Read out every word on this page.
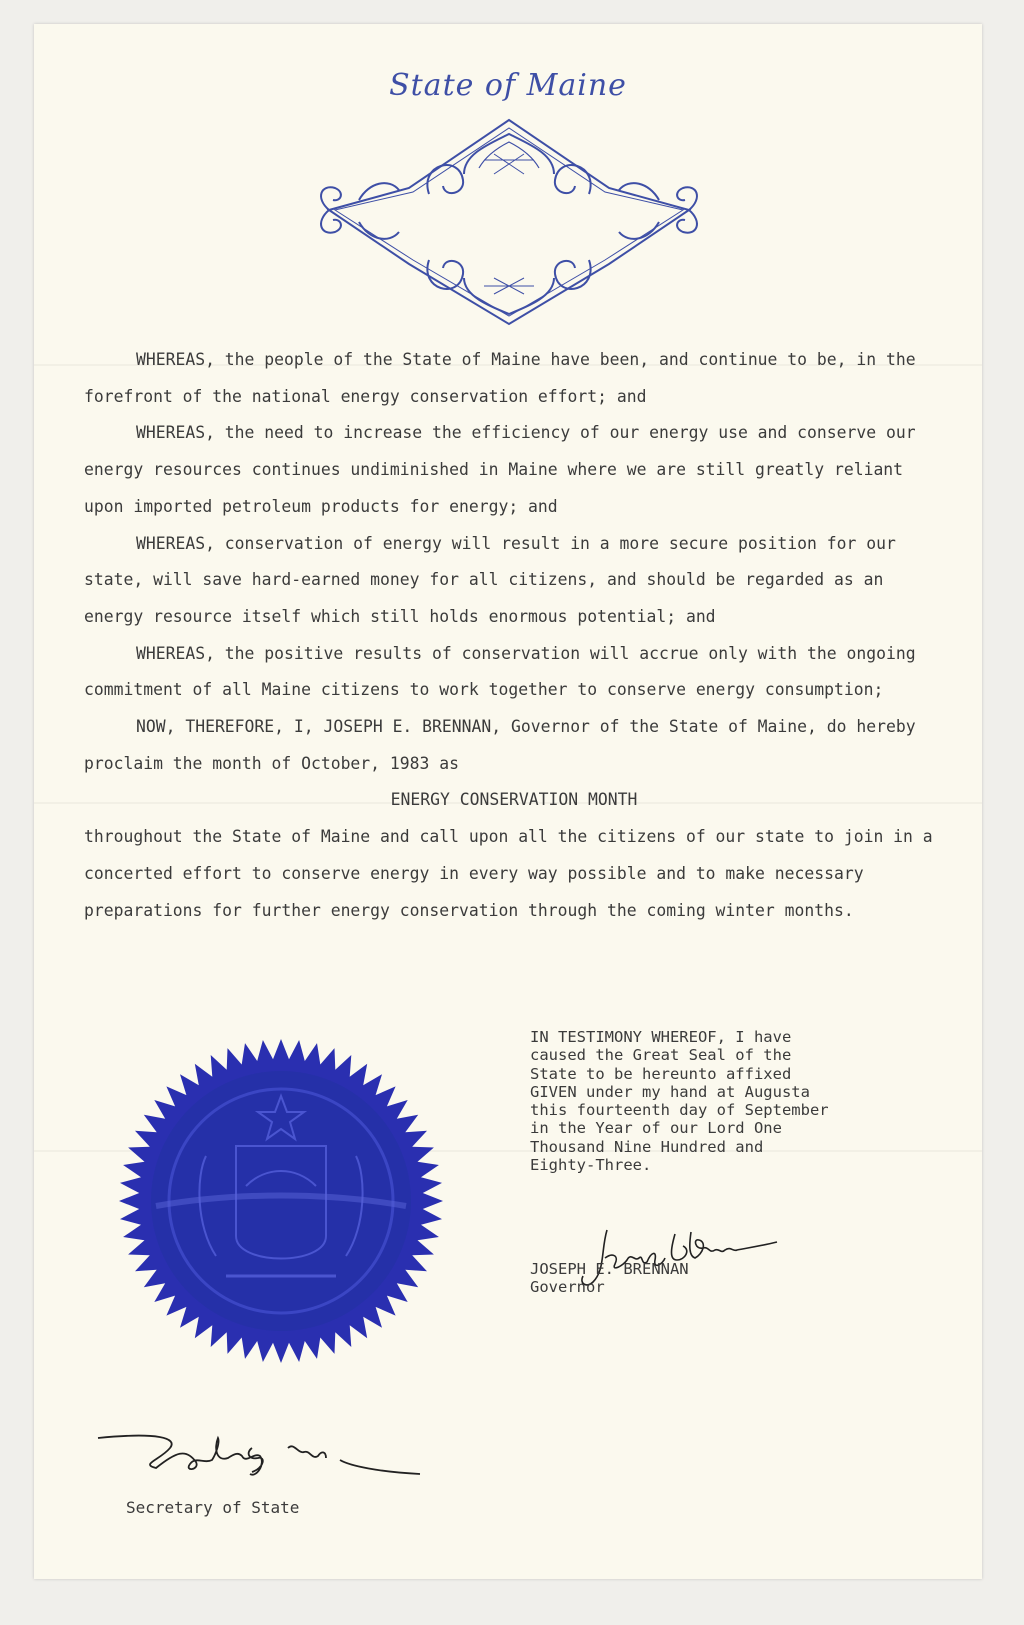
State of Maine

WHEREAS, the people of the State of Maine have been, and continue to be, in the forefront of the national energy conservation effort; and

WHEREAS, the need to increase the efficiency of our energy use and conserve our energy resources continues undiminished in Maine where we are still greatly reliant upon imported petroleum products for energy; and

WHEREAS, conservation of energy will result in a more secure position for our state, will save hard-earned money for all citizens, and should be regarded as an energy resource itself which still holds enormous potential; and

WHEREAS, the positive results of conservation will accrue only with the ongoing commitment of all Maine citizens to work together to conserve energy consumption;

NOW, THEREFORE, I, JOSEPH E. BRENNAN, Governor of the State of Maine, do hereby proclaim the month of October, 1983 as

ENERGY CONSERVATION MONTH

throughout the State of Maine and call upon all the citizens of our state to join in a concerted effort to conserve energy in every way possible and to make necessary preparations for further energy conservation through the coming winter months.

IN TESTIMONY WHEREOF, I have
caused the Great Seal of the
State to be hereunto affixed
GIVEN under my hand at Augusta
this fourteenth day of September
in the Year of our Lord One
Thousand Nine Hundred and
Eighty-Three.
JOSEPH E. BRENNAN
Governor
Secretary of State
